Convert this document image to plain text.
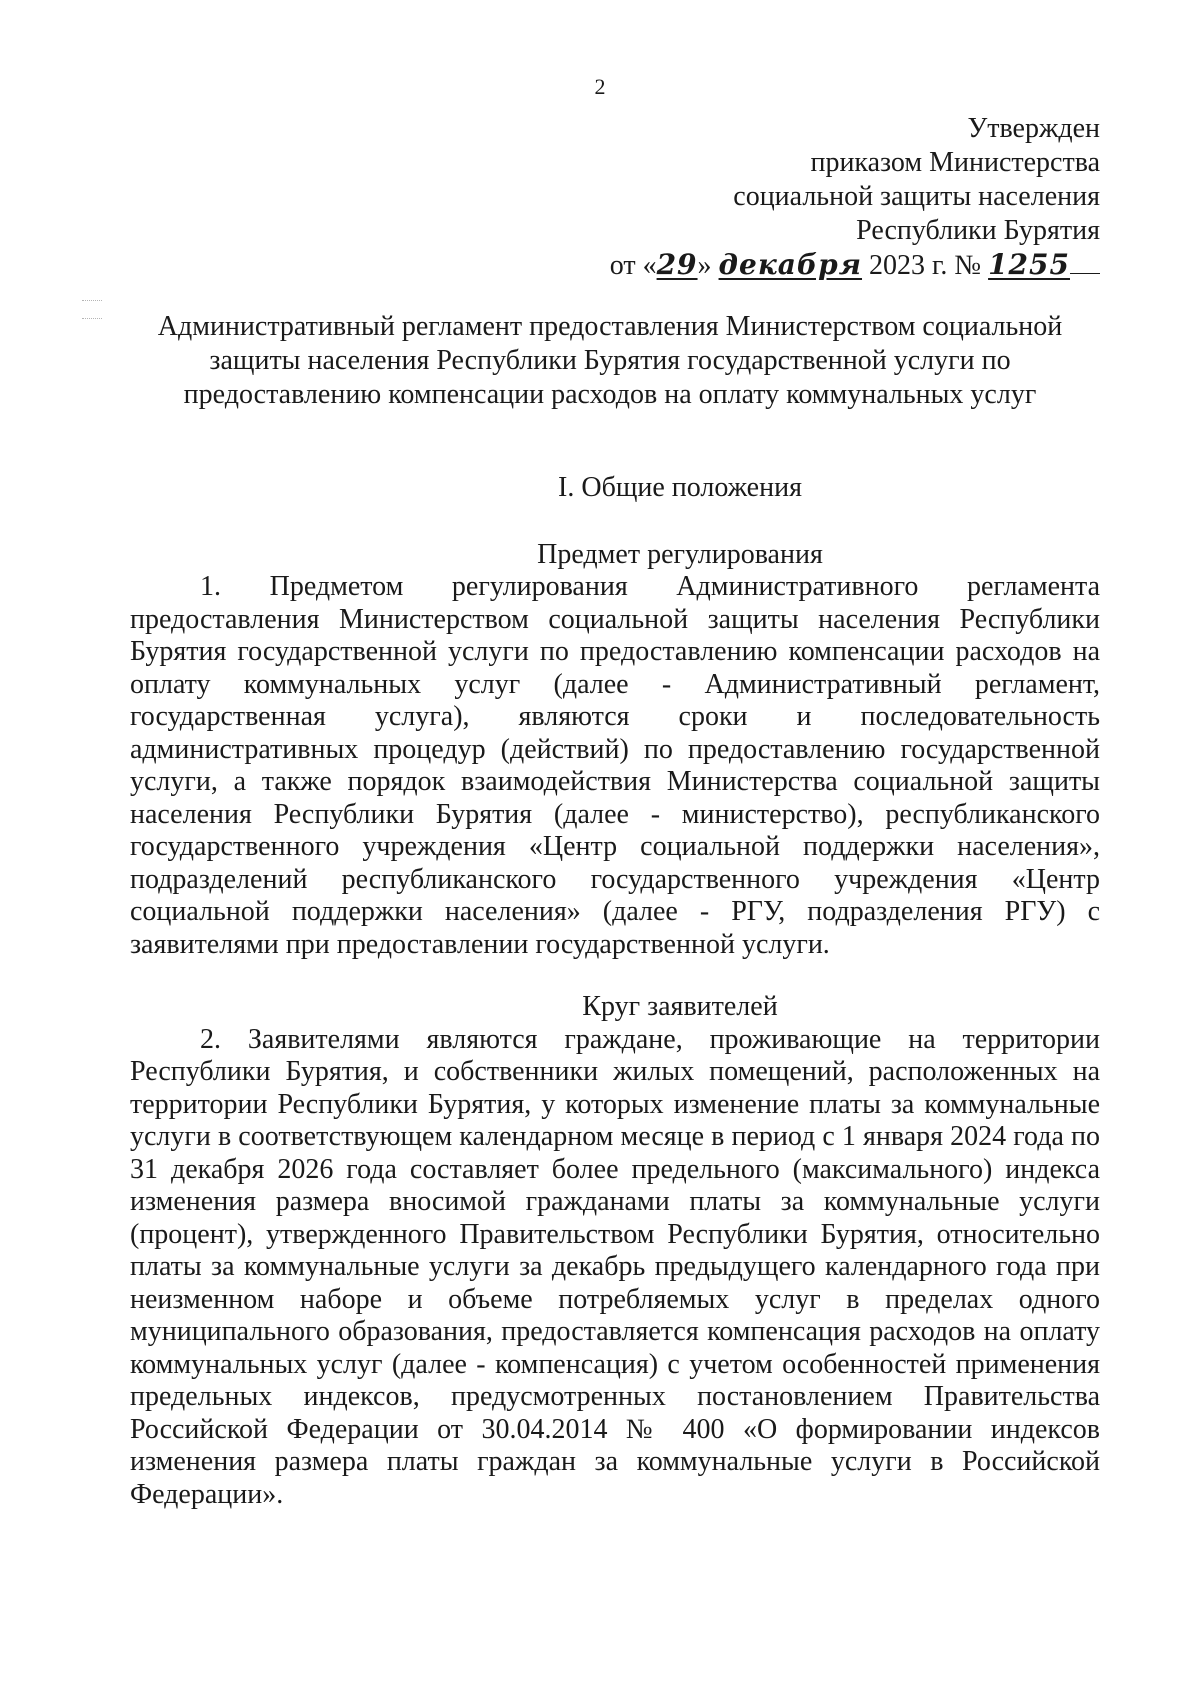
2
Утвержден
приказом Министерства
социальной защиты населения
Республики Бурятия
от «29» декабря 2023 г. № 1255
Административный регламент предоставления Министерством социальной защиты населения Республики Бурятия государственной услуги по предоставлению компенсации расходов на оплату коммунальных услуг

I. Общие положения

Предмет регулирования

1. Предметом регулирования Административного регламента предоставления Министерством социальной защиты населения Республики Бурятия государственной услуги по предоставлению компенсации расходов на оплату коммунальных услуг (далее - Административный регламент, государственная услуга), являются сроки и последовательность административных процедур (действий) по предоставлению государственной услуги, а также порядок взаимодействия Министерства социальной защиты населения Республики Бурятия (далее - министерство), республиканского государственного учреждения «Центр социальной поддержки населения», подразделений республиканского государственного учреждения «Центр социальной поддержки населения» (далее - РГУ, подразделения РГУ) с заявителями при предоставлении государственной услуги.

Круг заявителей

2. Заявителями являются граждане, проживающие на территории Республики Бурятия, и собственники жилых помещений, расположенных на территории Республики Бурятия, у которых изменение платы за коммунальные услуги в соответствующем календарном месяце в период с 1 января 2024 года по 31 декабря 2026 года составляет более предельного (максимального) индекса изменения размера вносимой гражданами платы за коммунальные услуги (процент), утвержденного Правительством Республики Бурятия, относительно платы за коммунальные услуги за декабрь предыдущего календарного года при неизменном наборе и объеме потребляемых услуг в пределах одного муниципального образования, предоставляется компенсация расходов на оплату коммунальных услуг (далее - компенсация) с учетом особенностей применения предельных индексов, предусмотренных постановлением Правительства Российской Федерации от 30.04.2014 № 400 «О формировании индексов изменения размера платы граждан за коммунальные услуги в Российской Федерации».
